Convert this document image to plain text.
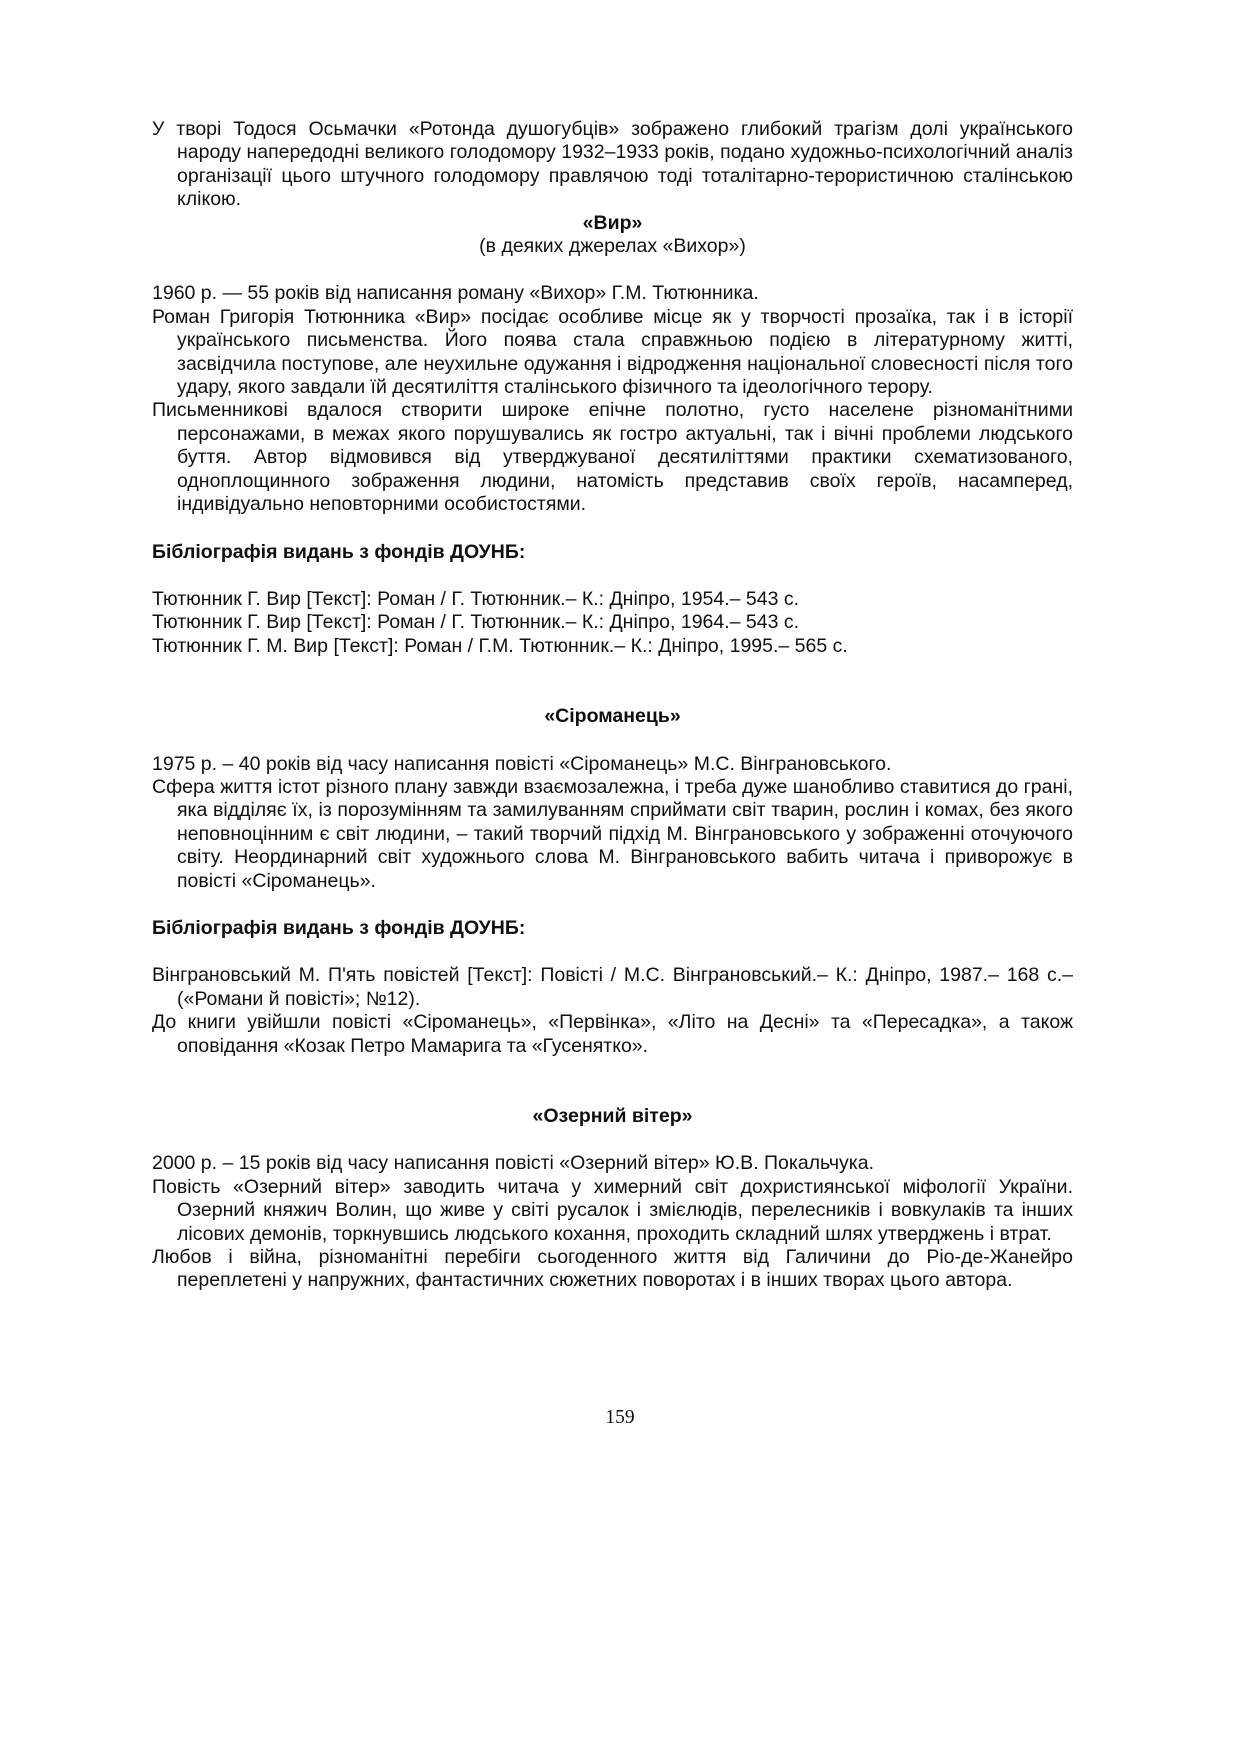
У творі Тодося Осьмачки «Ротонда душогубців» зображено глибокий трагізм долі українського народу напередодні великого голодомору 1932–1933 років, подано художньо-психологічний аналіз організації цього штучного голодомору правлячою тоді тоталітарно-терористичною сталінською клікою.

«Вир»

(в деяких джерелах «Вихор»)

1960 р. — 55 років від написання роману «Вихор» Г.М. Тютюнника.

Роман Григорія Тютюнника «Вир» посідає особливе місце як у творчості прозаїка, так і в історії українського письменства. Його поява стала справжньою подією в літературному житті, засвідчила поступове, але неухильне одужання і відродження національної словесності після того удару, якого завдали їй десятиліття сталінського фізичного та ідеологічного терору.

Письменникові вдалося створити широке епічне полотно, густо населене різноманітними персонажами, в межах якого порушувались як гостро актуальні, так і вічні проблеми людського буття. Автор відмовився від утверджуваної десятиліттями практики схематизованого, одноплощинного зображення людини, натомість представив своїх героїв, насамперед, індивідуально неповторними особистостями.

Бібліографія видань з фондів ДОУНБ:

Тютюнник Г. Вир [Текст]: Роман / Г. Тютюнник.– К.: Дніпро, 1954.– 543 с.

Тютюнник Г. Вир [Текст]: Роман / Г. Тютюнник.– К.: Дніпро, 1964.– 543 с.

Тютюнник Г. М. Вир [Текст]: Роман / Г.М. Тютюнник.– К.: Дніпро, 1995.– 565 с.

«Сіроманець»

1975 р. – 40 років від часу написання повісті «Сіроманець» М.С. Вінграновського.

Сфера життя істот різного плану завжди взаємозалежна, і треба дуже шанобливо ставитися до грані, яка відділяє їх, із порозумінням та замилуванням сприймати світ тварин, рослин і комах, без якого неповноцінним є світ людини, – такий творчий підхід М. Вінграновського у зображенні оточуючого світу. Неординарний світ художнього слова М. Вінграновського вабить читача і приворожує в повісті «Сіроманець».

Бібліографія видань з фондів ДОУНБ:

Вінграновський М. П'ять повістей [Текст]: Повісті / М.С. Вінграновський.– К.: Дніпро, 1987.– 168 с.– («Романи й повісті»; №12).

До книги увійшли повісті «Сіроманець», «Первінка», «Літо на Десні» та «Пересадка», а також оповідання «Козак Петро Мамарига та «Гусенятко».

«Озерний вітер»

2000 р. – 15 років від часу написання повісті «Озерний вітер» Ю.В. Покальчука.

Повість «Озерний вітер» заводить читача у химерний світ дохристиянської міфології України. Озерний княжич Волин, що живе у світі русалок і змієлюдів, перелесників і вовкулаків та інших лісових демонів, торкнувшись людського кохання, проходить складний шлях утверджень і втрат.

Любов і війна, різноманітні перебіги сьогоденного життя від Галичини до Ріо-де-Жанейро переплетені у напружних, фантастичних сюжетних поворотах і в інших творах цього автора.

159
